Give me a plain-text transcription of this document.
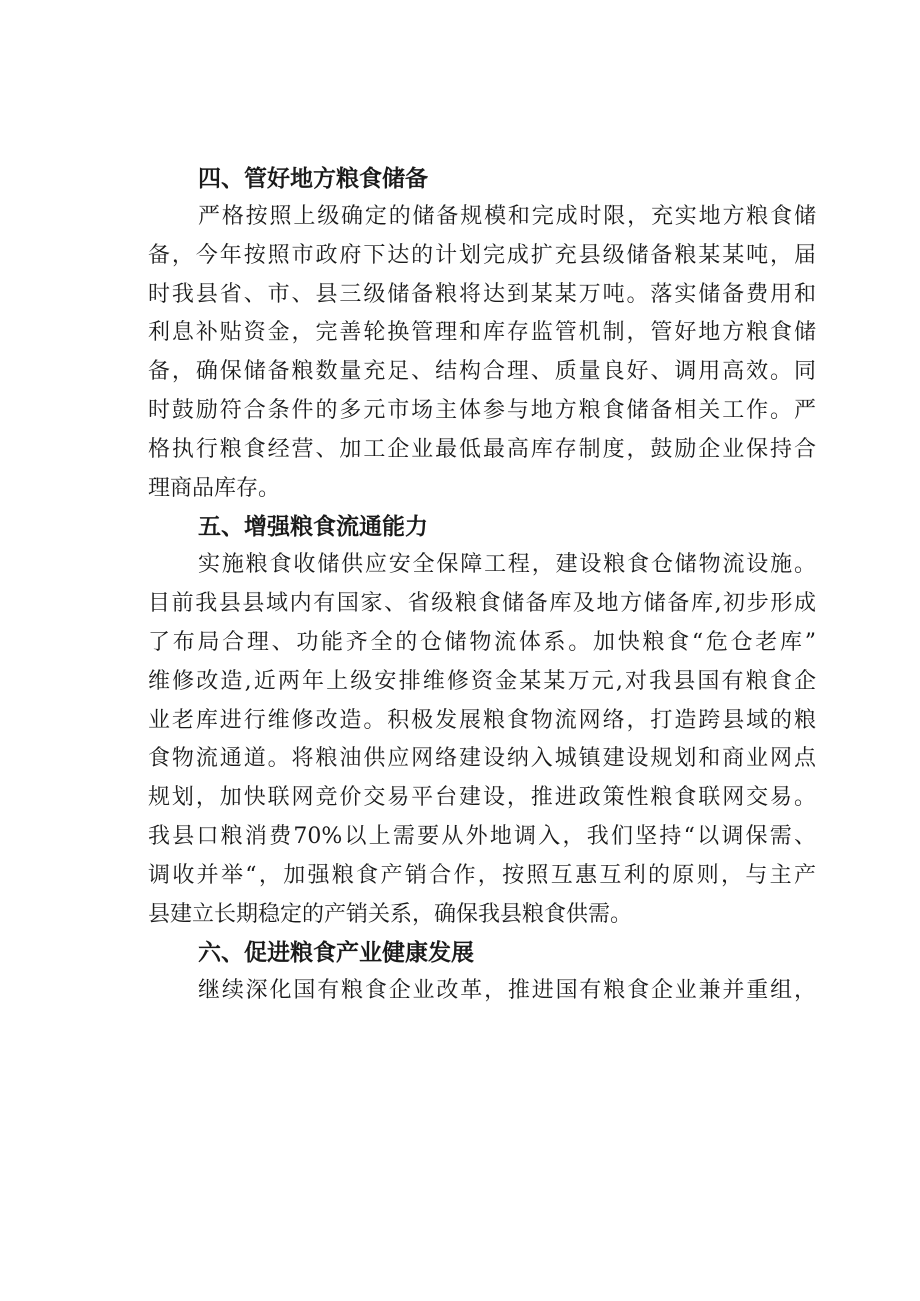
四、管好地方粮食储备

严格按照上级确定的储备规模和完成时限，充实地方粮食储

备，今年按照市政府下达的计划完成扩充县级储备粮某某吨，届

时我县省、市、县三级储备粮将达到某某万吨。落实储备费用和

利息补贴资金，完善轮换管理和库存监管机制，管好地方粮食储

备，确保储备粮数量充足、结构合理、质量良好、调用高效。同

时鼓励符合条件的多元市场主体参与地方粮食储备相关工作。严

格执行粮食经营、加工企业最低最高库存制度，鼓励企业保持合

理商品库存。

五、增强粮食流通能力

实施粮食收储供应安全保障工程，建设粮食仓储物流设施。

目前我县县域内有国家、省级粮食储备库及地方储备库,初步形成

了布局合理、功能齐全的仓储物流体系。加快粮食“危仓老库”

维修改造,近两年上级安排维修资金某某万元,对我县国有粮食企

业老库进行维修改造。积极发展粮食物流网络，打造跨县域的粮

食物流通道。将粮油供应网络建设纳入城镇建设规划和商业网点

规划，加快联网竞价交易平台建设，推进政策性粮食联网交易。

我县口粮消费70%以上需要从外地调入，我们坚持“以调保需、

调收并举“，加强粮食产销合作，按照互惠互利的原则，与主产

县建立长期稳定的产销关系，确保我县粮食供需。

六、促进粮食产业健康发展

继续深化国有粮食企业改革，推进国有粮食企业兼并重组，
